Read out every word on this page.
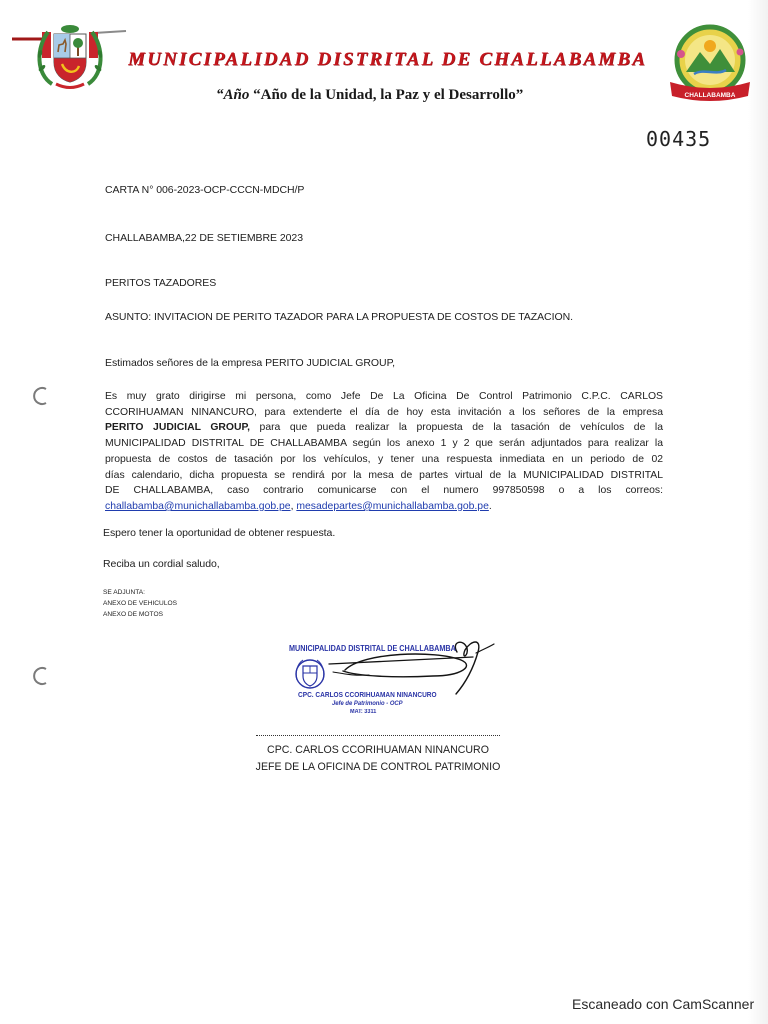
MUNICIPALIDAD DISTRITAL DE CHALLABAMBA
“Año “Año de la Unidad, la Paz y el Desarrollo”	CHALLABAMBA
00435
CARTA N° 006-2023-OCP-CCCN-MDCH/P
CHALLABAMBA,22 DE SETIEMBRE 2023
PERITOS TAZADORES
ASUNTO: INVITACION DE PERITO TAZADOR PARA LA PROPUESTA DE COSTOS DE TAZACION.
Estimados señores de la empresa PERITO JUDICIAL GROUP,
Es muy grato dirigirse mi persona, como Jefe De La Oficina De Control Patrimonio C.P.C. CARLOS
CCORIHUAMAN NINANCURO, para extenderte el día de hoy esta invitación a los señores de la empresa
PERITO JUDICIAL GROUP, para que pueda realizar la propuesta de la tasación de vehículos de la
MUNICIPALIDAD DISTRITAL DE CHALLABAMBA según los anexo 1 y 2 que serán adjuntados para realizar la
propuesta de costos de tasación por los vehículos, y tener una respuesta inmediata en un periodo de 02
días calendario, dicha propuesta se rendirá por la mesa de partes virtual de la MUNICIPALIDAD DISTRITAL
DE CHALLABAMBA, caso contrario comunicarse con el numero 997850598 o a los correos:
challabamba@munichallabamba.gob.pe, mesadepartes@munichallabamba.gob.pe.
Espero tener la oportunidad de obtener respuesta.
Reciba un cordial saludo,
SE ADJUNTA:
ANEXO DE VEHICULOS
ANEXO DE MOTOS
MUNICIPALIDAD DISTRITAL DE CHALLABAMBA
CPC. CARLOS CCORIHUAMAN NINANCURO
Jefe de Patrimonio - OCP
MAT: 3311
CPC. CARLOS CCORIHUAMAN NINANCURO
JEFE DE LA OFICINA DE CONTROL PATRIMONIO
Escaneado con CamScanner
